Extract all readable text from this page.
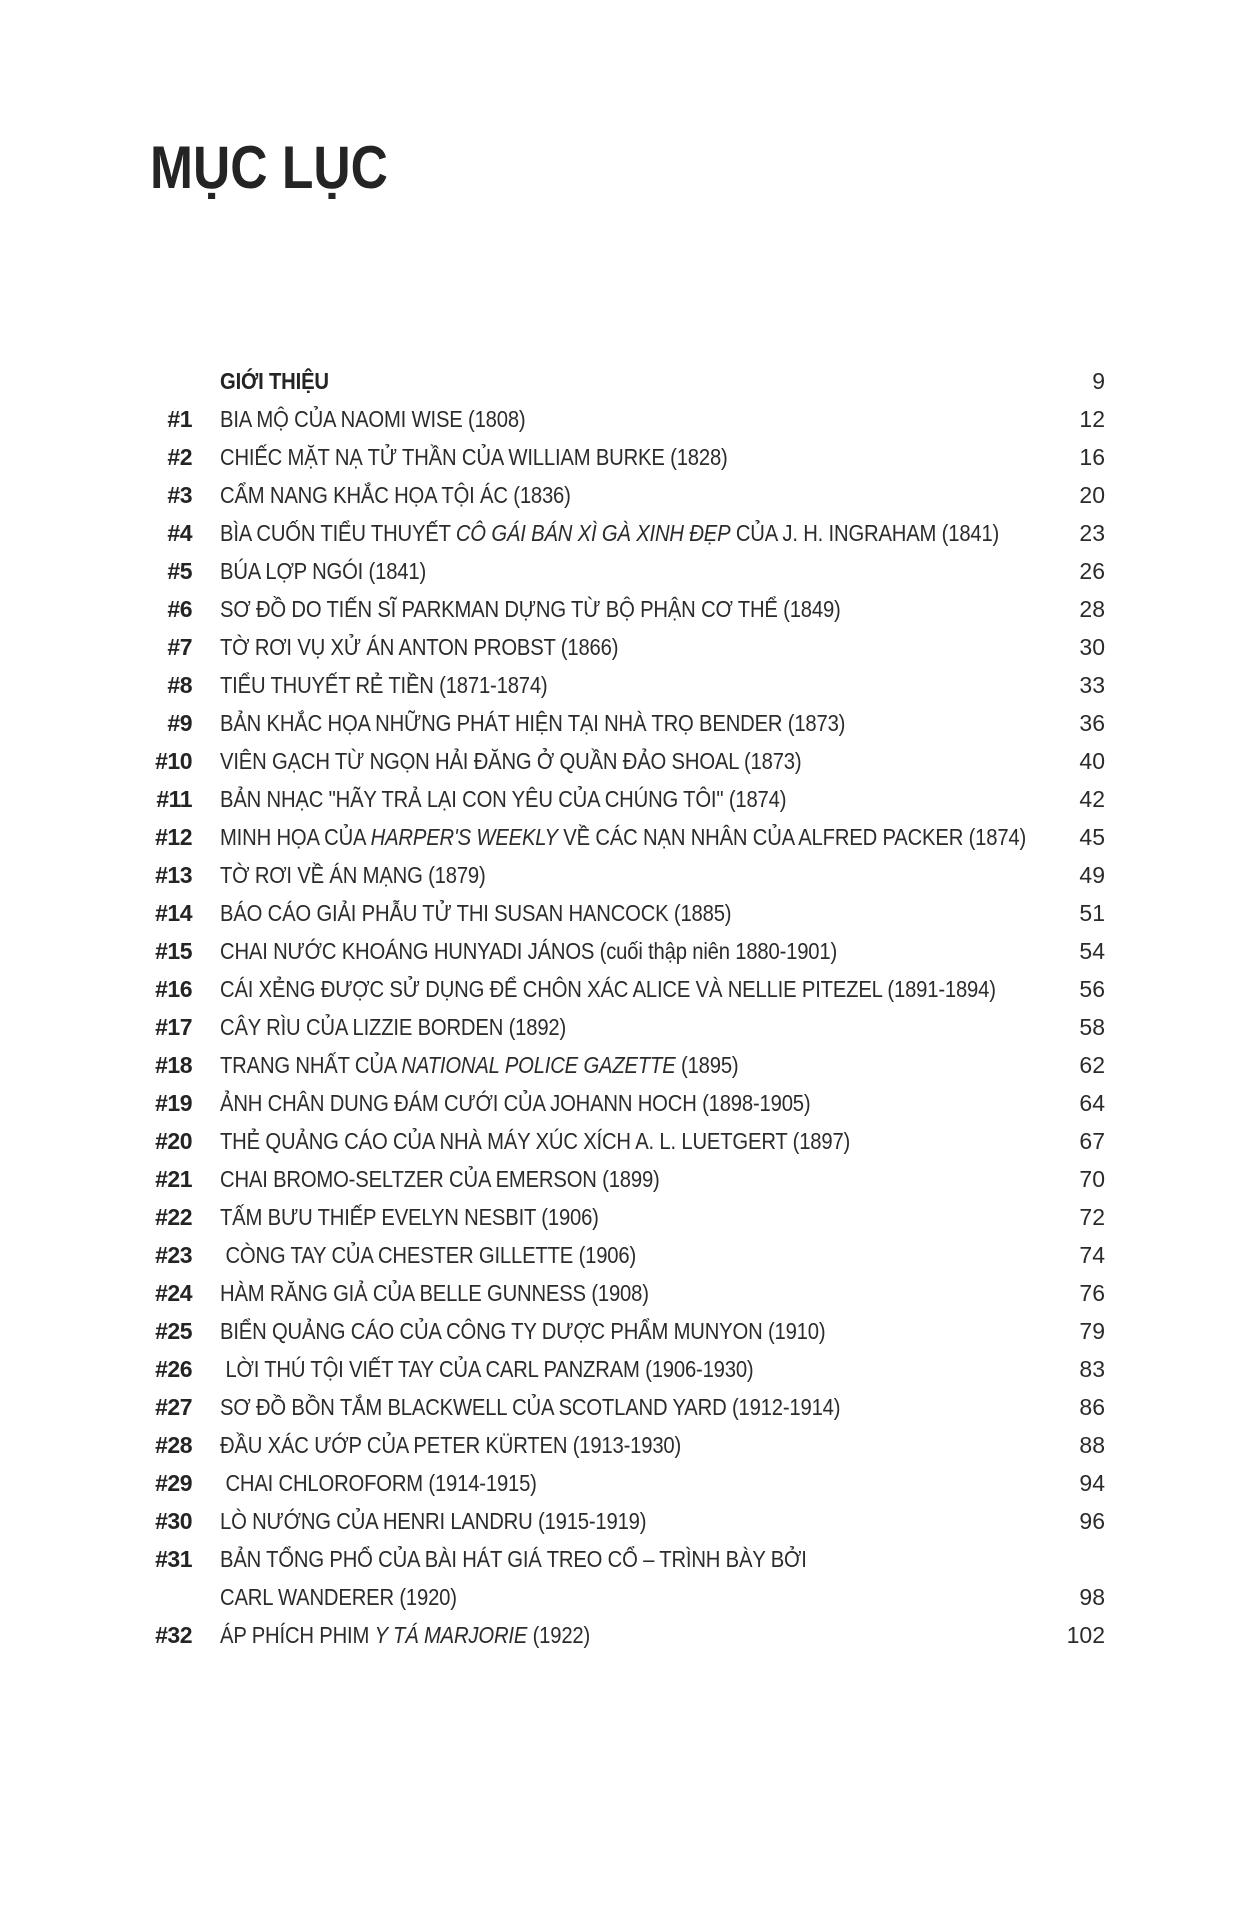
MỤC LỤC
GIỚI THIỆU	9
#1 BIA MỘ CỦA NAOMI WISE (1808)	12
#2 CHIẾC MẶT NẠ TỬ THẦN CỦA WILLIAM BURKE (1828)	16
#3 CẨM NANG KHẮC HỌA TỘI ÁC (1836)	20
#4 BÌA CUỐN TIỂU THUYẾT CÔ GÁI BÁN XÌ GÀ XINH ĐẸP CỦA J. H. INGRAHAM (1841)	23
#5 BÚA LỢP NGÓI (1841)	26
#6 SƠ ĐỒ DO TIẾN SĨ PARKMAN DỰNG TỪ BỘ PHẬN CƠ THỂ (1849)	28
#7 TỜ RƠI VỤ XỬ ÁN ANTON PROBST (1866)	30
#8 TIỂU THUYẾT RẺ TIỀN (1871-1874)	33
#9 BẢN KHẮC HỌA NHỮNG PHÁT HIỆN TẠI NHÀ TRỌ BENDER (1873)	36
#10 VIÊN GẠCH TỪ NGỌN HẢI ĐĂNG Ở QUẦN ĐẢO SHOAL (1873)	40
#11 BẢN NHẠC "HÃY TRẢ LẠI CON YÊU CỦA CHÚNG TÔI" (1874)	42
#12 MINH HỌA CỦA HARPER'S WEEKLY VỀ CÁC NẠN NHÂN CỦA ALFRED PACKER (1874)	45
#13 TỜ RƠI VỀ ÁN MẠNG (1879)	49
#14 BÁO CÁO GIẢI PHẪU TỬ THI SUSAN HANCOCK (1885)	51
#15 CHAI NƯỚC KHOÁNG HUNYADI JÁNOS (cuối thập niên 1880-1901)	54
#16 CÁI XẺNG ĐƯỢC SỬ DỤNG ĐỂ CHÔN XÁC ALICE VÀ NELLIE PITEZEL (1891-1894)	56
#17 CÂY RÌU CỦA LIZZIE BORDEN (1892)	58
#18 TRANG NHẤT CỦA NATIONAL POLICE GAZETTE (1895)	62
#19 ẢNH CHÂN DUNG ĐÁM CƯỚI CỦA JOHANN HOCH (1898-1905)	64
#20 THẺ QUẢNG CÁO CỦA NHÀ MÁY XÚC XÍCH A. L. LUETGERT (1897)	67
#21 CHAI BROMO-SELTZER CỦA EMERSON (1899)	70
#22 TẤM BƯU THIẾP EVELYN NESBIT (1906)	72
#23 CÒNG TAY CỦA CHESTER GILLETTE (1906)	74
#24 HÀM RĂNG GIẢ CỦA BELLE GUNNESS (1908)	76
#25 BIỂN QUẢNG CÁO CỦA CÔNG TY DƯỢC PHẨM MUNYON (1910)	79
#26 LỜI THÚ TỘI VIẾT TAY CỦA CARL PANZRAM (1906-1930)	83
#27 SƠ ĐỒ BỒN TẮM BLACKWELL CỦA SCOTLAND YARD (1912-1914)	86
#28 ĐẦU XÁC ƯỚP CỦA PETER KÜRTEN (1913-1930)	88
#29 CHAI CHLOROFORM (1914-1915)	94
#30 LÒ NƯỚNG CỦA HENRI LANDRU (1915-1919)	96
#31 BẢN TỔNG PHỔ CỦA BÀI HÁT GIÁ TREO CỔ – TRÌNH BÀY BỞI
CARL WANDERER (1920)	98
#32 ÁP PHÍCH PHIM Y TÁ MARJORIE (1922)	102
